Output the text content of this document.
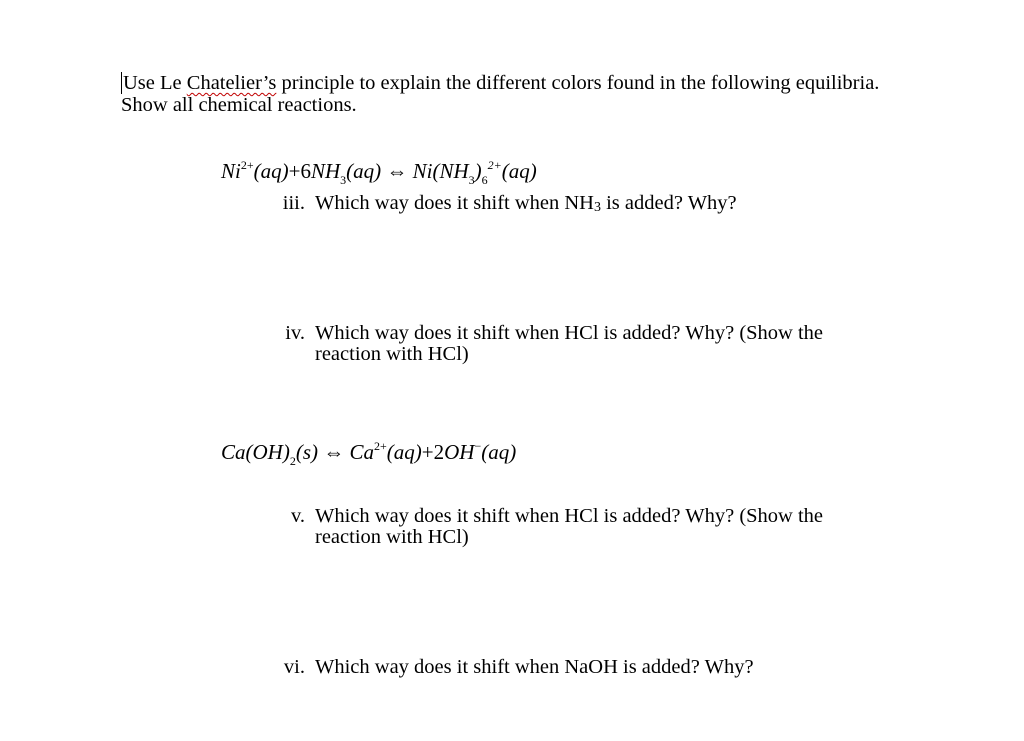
Use Le Chatelier’s principle to explain the different colors found in the following equilibria. Show all chemical reactions.
$Ni^{2+}(aq)+6NH_3(aq)$ ⇔ $Ni(NH_3)_6^{2+}(aq)$
iii. Which way does it shift when $NH_3$ is added? Why?
iv. Which way does it shift when HCl is added? Why? (Show the reaction with HCl)
$Ca(OH)_2(s)$ ⇔ $Ca^{2+}(aq)+2OH^-(aq)$
v. Which way does it shift when HCl is added? Why? (Show the reaction with HCl)
vi. Which way does it shift when NaOH is added? Why?
